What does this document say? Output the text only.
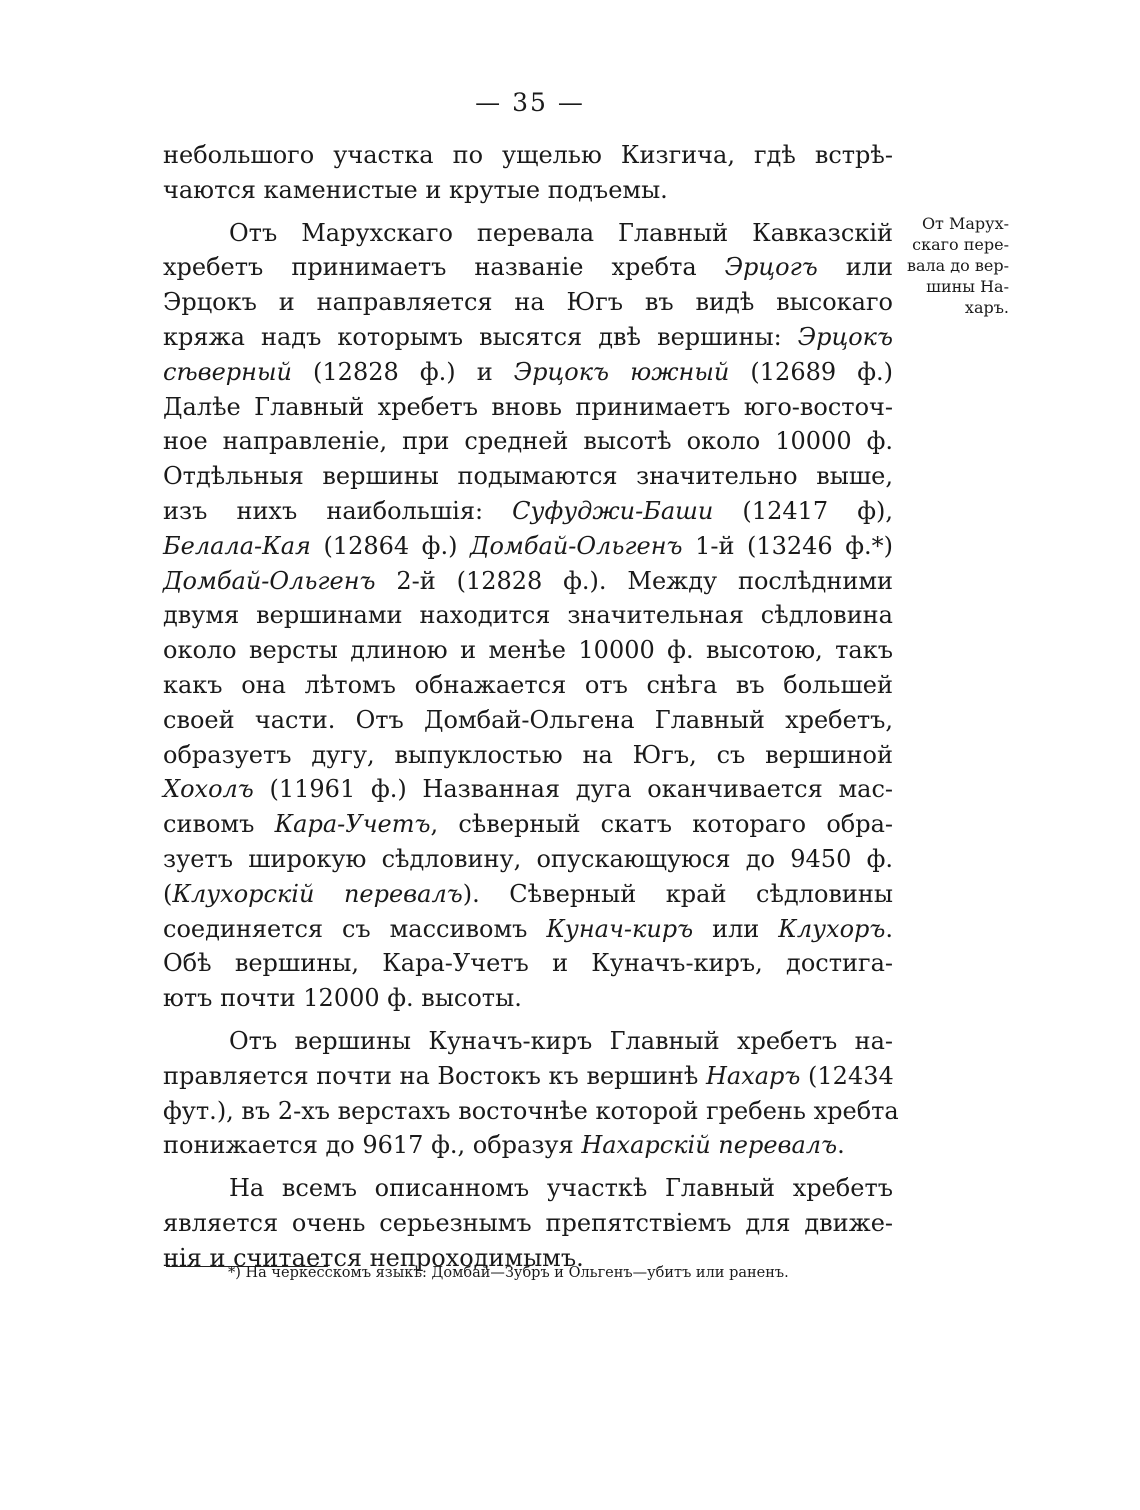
— 35 —
небольшого участка по ущелью Кизгича, гдѣ встрѣ-
чаются каменистые и крутые подъемы.
Отъ Марухскаго перевала Главный Кавказскій
хребетъ принимаетъ названіе хребта Эрцогъ или
Эрцокъ и направляется на Югъ въ видѣ высокаго
кряжа надъ которымъ высятся двѣ вершины: Эрцокъ
сѣверный (12828 ф.) и Эрцокъ южный (12689 ф.)
Далѣе Главный хребетъ вновь принимаетъ юго-восточ-
ное направленіе, при средней высотѣ около 10000 ф.
Отдѣльныя вершины подымаются значительно выше,
изъ нихъ наибольшія: Суфуджи-Баши (12417 ф),
Белала-Кая (12864 ф.) Домбай-Ольгенъ 1-й (13246 ф.*)
Домбай-Ольгенъ 2-й (12828 ф.). Между послѣдними
двумя вершинами находится значительная сѣдловина
около версты длиною и менѣе 10000 ф. высотою, такъ
какъ она лѣтомъ обнажается отъ снѣга въ большей
своей части. Отъ Домбай-Ольгена Главный хребетъ,
образуетъ дугу, выпуклостью на Югъ, съ вершиной
Хохолъ (11961 ф.) Названная дуга оканчивается мас-
сивомъ Кара-Учетъ, сѣверный скатъ котораго обра-
зуетъ широкую сѣдловину, опускающуюся до 9450 ф.
(Клухорскій перевалъ). Сѣверный край сѣдловины
соединяется съ массивомъ Кунач-киръ или Клухоръ.
Обѣ вершины, Кара-Учетъ и Куначъ-киръ, достига-
ютъ почти 12000 ф. высоты.
Отъ вершины Куначъ-киръ Главный хребетъ на-
правляется почти на Востокъ къ вершинѣ Нахаръ (12434
фут.), въ 2-хъ верстахъ восточнѣе которой гребень хребта
понижается до 9617 ф., образуя Нахарскій перевалъ.
На всемъ описанномъ участкѣ Главный хребетъ
является очень серьезнымъ препятствіемъ для движе-
нія и считается непроходимымъ.
От Марух-
скаго пере-
вала до вер-
шины На-
харъ.
*) На черкесскомъ языкѣ: Домбай—Зубръ и Ольгенъ—убитъ или раненъ.
